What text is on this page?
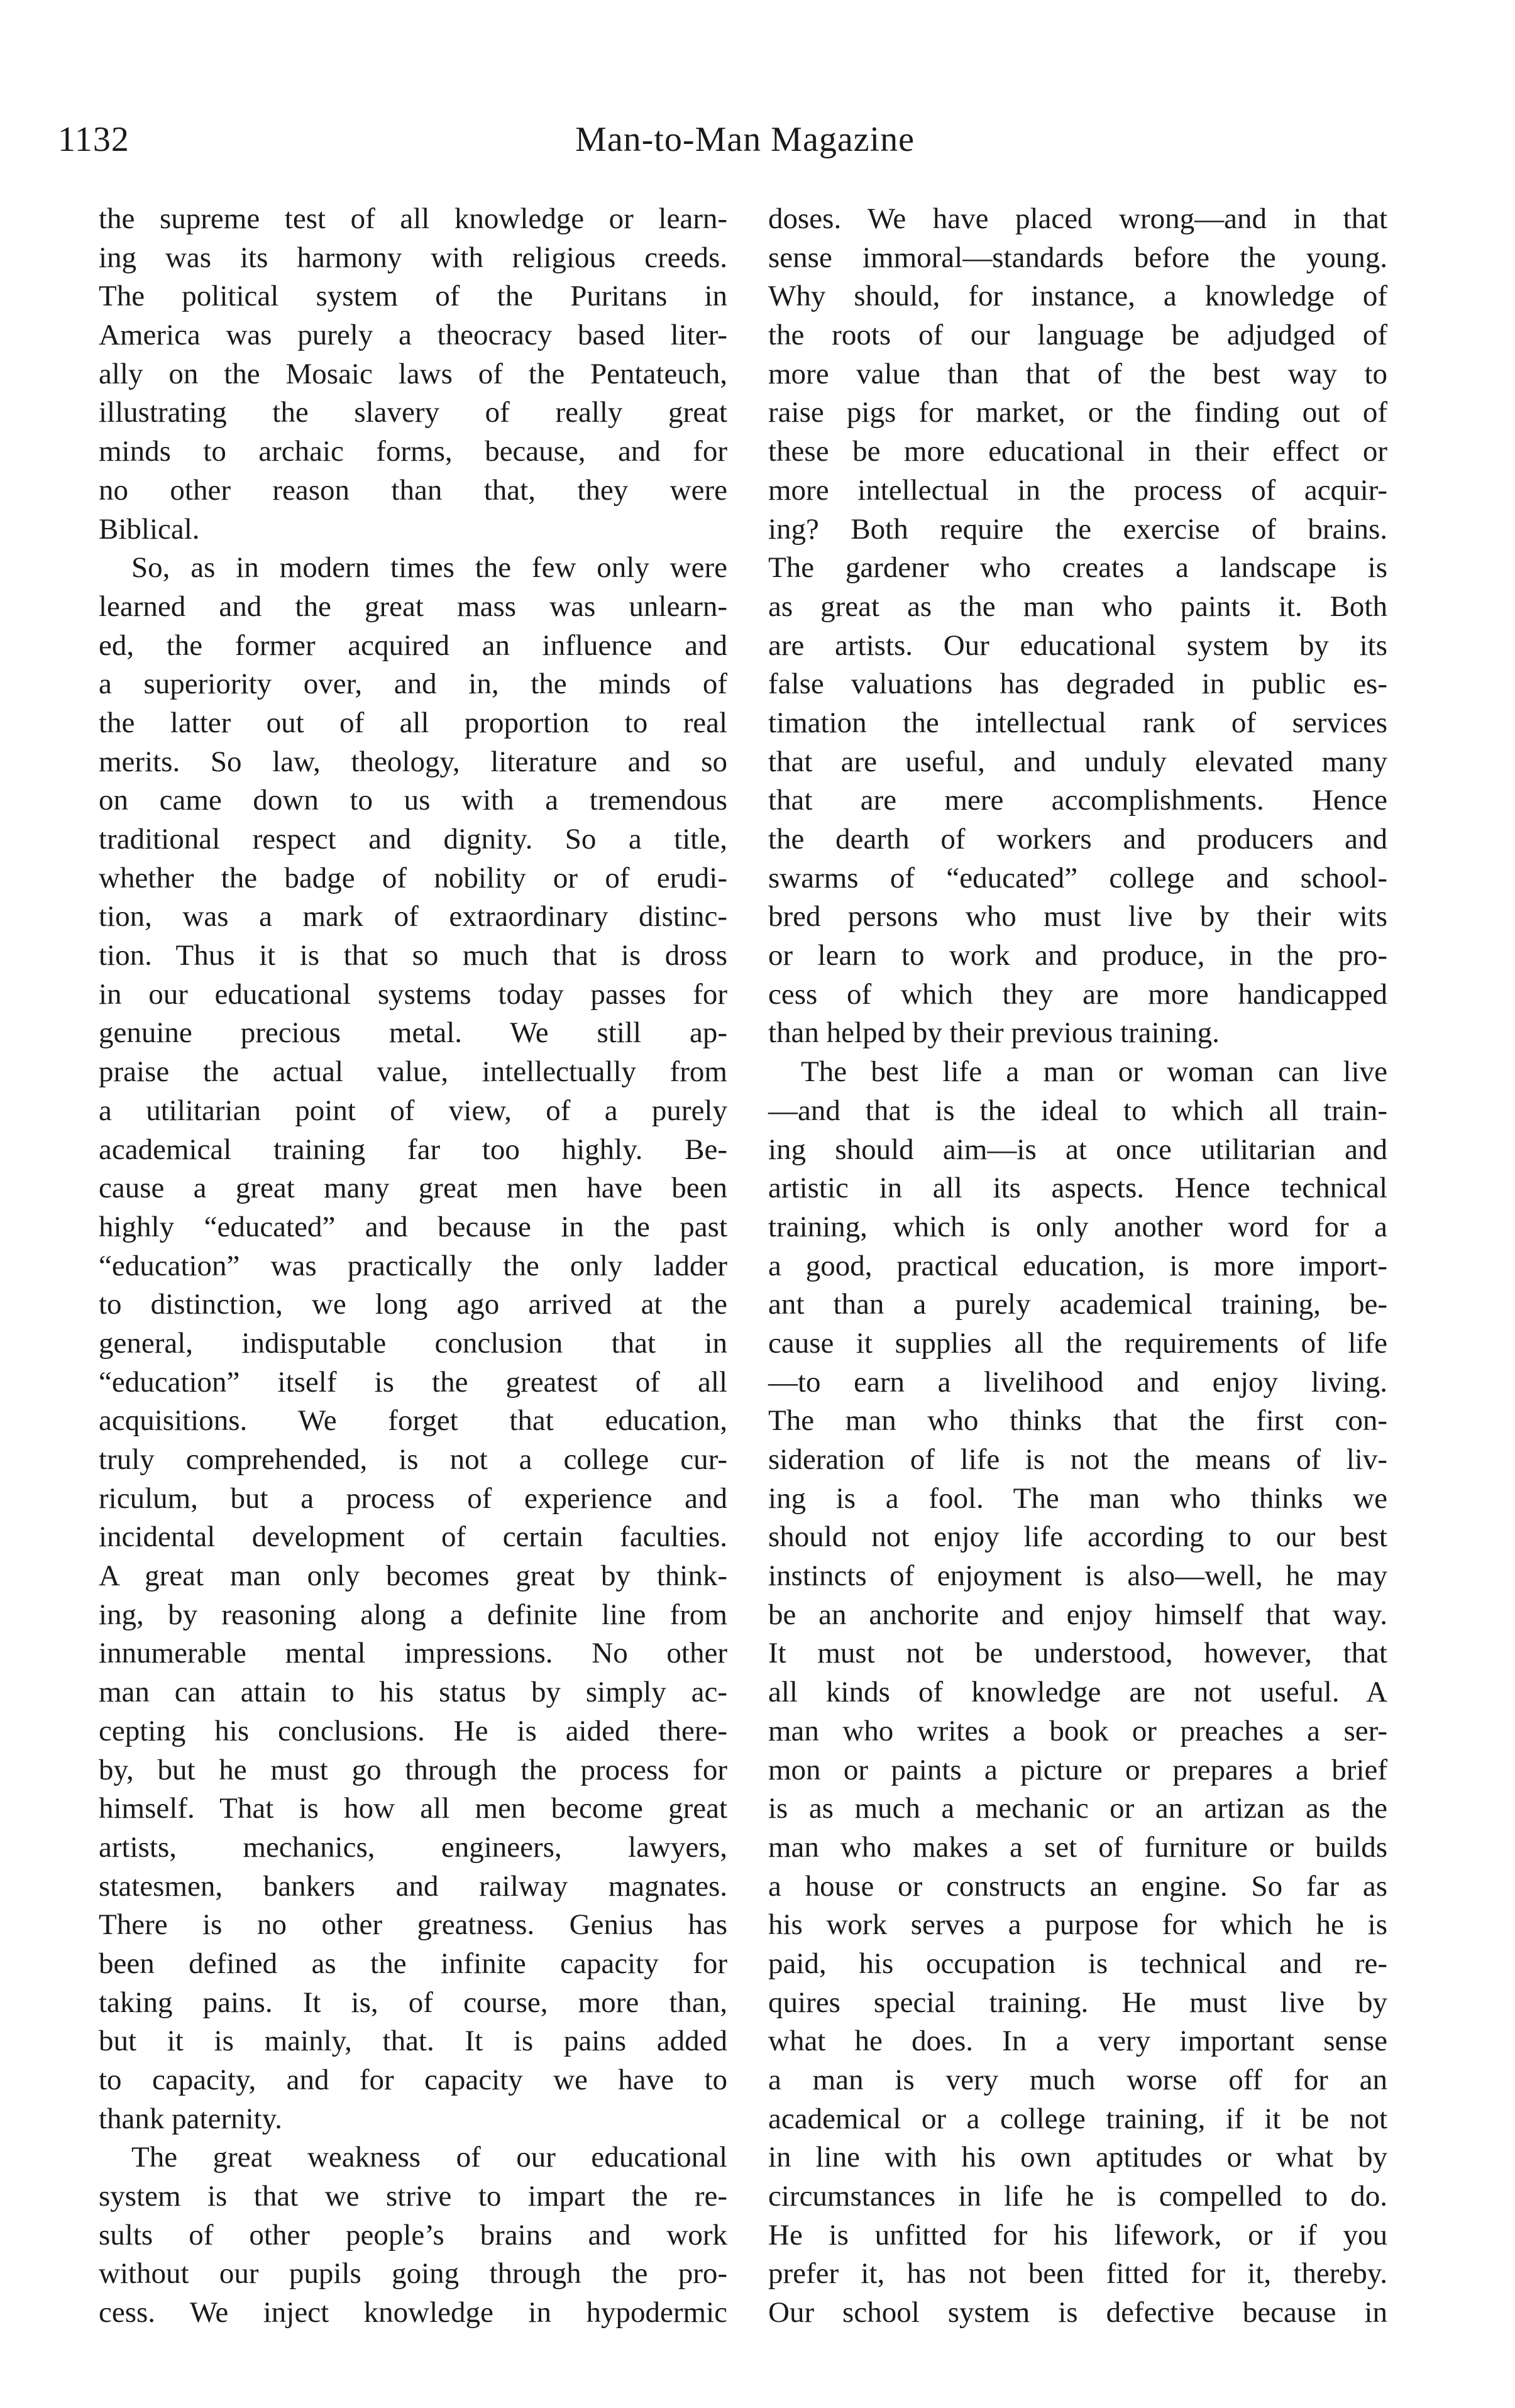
1132	Man-to-Man Magazine
the supreme test of all knowledge or learn-
ing was its harmony with religious creeds.
The political system of the Puritans in
America was purely a theocracy based liter-
ally on the Mosaic laws of the Pentateuch,
illustrating the slavery of really great
minds to archaic forms, because, and for
no other reason than that, they were
Biblical.
So, as in modern times the few only were
learned and the great mass was unlearn-
ed, the former acquired an influence and
a superiority over, and in, the minds of
the latter out of all proportion to real
merits. So law, theology, literature and so
on came down to us with a tremendous
traditional respect and dignity. So a title,
whether the badge of nobility or of erudi-
tion, was a mark of extraordinary distinc-
tion. Thus it is that so much that is dross
in our educational systems today passes for
genuine precious metal. We still ap-
praise the actual value, intellectually from
a utilitarian point of view, of a purely
academical training far too highly. Be-
cause a great many great men have been
highly “educated” and because in the past
“education” was practically the only ladder
to distinction, we long ago arrived at the
general, indisputable conclusion that in
“education” itself is the greatest of all
acquisitions. We forget that education,
truly comprehended, is not a college cur-
riculum, but a process of experience and
incidental development of certain faculties.
A great man only becomes great by think-
ing, by reasoning along a definite line from
innumerable mental impressions. No other
man can attain to his status by simply ac-
cepting his conclusions. He is aided there-
by, but he must go through the process for
himself. That is how all men become great
artists, mechanics, engineers, lawyers,
statesmen, bankers and railway magnates.
There is no other greatness. Genius has
been defined as the infinite capacity for
taking pains. It is, of course, more than,
but it is mainly, that. It is pains added
to capacity, and for capacity we have to
thank paternity.
The great weakness of our educational
system is that we strive to impart the re-
sults of other people’s brains and work
without our pupils going through the pro-
cess. We inject knowledge in hypodermic
doses. We have placed wrong—and in that
sense immoral—standards before the young.
Why should, for instance, a knowledge of
the roots of our language be adjudged of
more value than that of the best way to
raise pigs for market, or the finding out of
these be more educational in their effect or
more intellectual in the process of acquir-
ing? Both require the exercise of brains.
The gardener who creates a landscape is
as great as the man who paints it. Both
are artists. Our educational system by its
false valuations has degraded in public es-
timation the intellectual rank of services
that are useful, and unduly elevated many
that are mere accomplishments. Hence
the dearth of workers and producers and
swarms of “educated” college and school-
bred persons who must live by their wits
or learn to work and produce, in the pro-
cess of which they are more handicapped
than helped by their previous training.
The best life a man or woman can live
—and that is the ideal to which all train-
ing should aim—is at once utilitarian and
artistic in all its aspects. Hence technical
training, which is only another word for a
a good, practical education, is more import-
ant than a purely academical training, be-
cause it supplies all the requirements of life
—to earn a livelihood and enjoy living.
The man who thinks that the first con-
sideration of life is not the means of liv-
ing is a fool. The man who thinks we
should not enjoy life according to our best
instincts of enjoyment is also—well, he may
be an anchorite and enjoy himself that way.
It must not be understood, however, that
all kinds of knowledge are not useful. A
man who writes a book or preaches a ser-
mon or paints a picture or prepares a brief
is as much a mechanic or an artizan as the
man who makes a set of furniture or builds
a house or constructs an engine. So far as
his work serves a purpose for which he is
paid, his occupation is technical and re-
quires special training. He must live by
what he does. In a very important sense
a man is very much worse off for an
academical or a college training, if it be not
in line with his own aptitudes or what by
circumstances in life he is compelled to do.
He is unfitted for his lifework, or if you
prefer it, has not been fitted for it, thereby.
Our school system is defective because in
